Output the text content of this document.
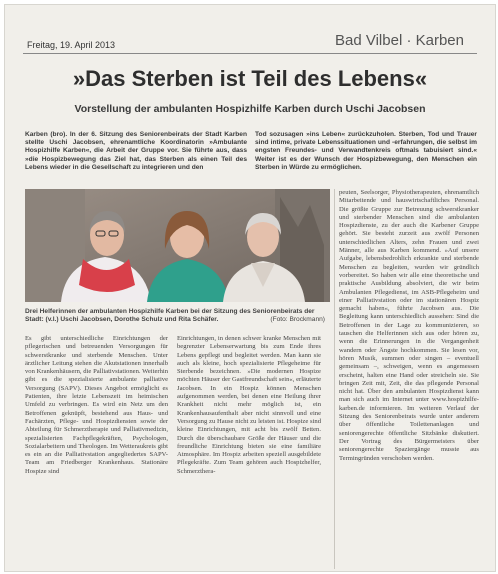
Freitag, 19. April 2013	Bad Vilbel · Karben
»Das Sterben ist Teil des Lebens«
Vorstellung der ambulanten Hospizhilfe Karben durch Uschi Jacobsen

Karben (bro). In der 6. Sitzung des Seniorenbeirats der Stadt Karben stellte Uschi Jacobsen, ehrenamtliche Koordinatorin »Ambulante Hospizhilfe Karben«, die Arbeit der Gruppe vor. Sie führte aus, dass »die Hospizbewegung das Ziel hat, das Sterben als einen Teil des Lebens wieder in die Gesellschaft zu integrieren und den

Tod sozusagen »ins Leben« zurückzuholen. Sterben, Tod und Trauer sind intime, private Lebenssituationen und -erfahrungen, die selbst im engsten Freundes- und Verwandtenkreis oftmals tabuisiert sind.« Weiter ist es der Wunsch der Hospizbewegung, den Menschen ein Sterben in Würde zu ermöglichen.

Drei Helferinnen der ambulanten Hospizhilfe Karben bei der Sitzung des Seniorenbeirats der Stadt: (v.l.) Uschi Jacobsen, Dorothe Schulz und Rita Schäfer.	(Foto: Brockmann)

Es gibt unterschiedliche Einrichtungen der pflegerischen und betreuenden Versorgungen für schwerstkranke und sterbende Menschen. Unter ärztlicher Leitung stehen die Akutstationen innerhalb von Krankenhäusern, die Palliativstationen. Weiterhin gibt es die spezialisierte ambulante palliative Versorgung (SAPV). Dieses Angebot ermöglicht es Patienten, ihre letzte Lebenszeit im heimischen Umfeld zu verbringen. Es wird ein Netz um den Betroffenen geknüpft, bestehend aus Haus- und Fachärzten, Pflege- und Hospizdiensten sowie der Abteilung für Schmerztherapie und Palliativmedizin, spezialisierten Fachpflegekräften, Psychologen, Sozialarbeitern und Theologen. Im Wetteraukreis gibt es ein an die Palliativstation angegliedertes SAPV-Team am Friedberger Krankenhaus. Stationäre Hospize sind

Einrichtungen, in denen schwer kranke Menschen mit begrenzter Lebenserwartung bis zum Ende ihres Lebens gepflegt und begleitet werden. Man kann sie auch als kleine, hoch spezialisierte Pflegeheime für Sterbende bezeichnen. »Die modernen Hospize möchten Häuser der Gastfreundschaft sein«, erläuterte Jacobsen. In ein Hospiz können Menschen aufgenommen werden, bei denen eine Heilung ihrer Krankheit nicht mehr möglich ist, ein Krankenhausaufenthalt aber nicht sinnvoll und eine Versorgung zu Hause nicht zu leisten ist. Hospize sind kleine Einrichtungen, mit acht bis zwölf Betten. Durch die überschaubare Größe der Häuser und die freundliche Einrichtung bieten sie eine familiäre Atmosphäre. Im Hospiz arbeiten speziell ausgebildete Pflegekräfte. Zum Team gehören auch Hospizhelfer, Schmerzthera-

peuten, Seelsorger, Physiotherapeuten, ehrenamtlich Mitarbeitende und hauswirtschaftliches Personal. Die größte Gruppe zur Betreuung schwerstkranker und sterbender Menschen sind die ambulanten Hospizdienste, zu der auch die Karbener Gruppe gehört. Sie besteht zurzeit aus zwölf Personen unterschiedlichen Alters, zehn Frauen und zwei Männer, alle aus Karben kommend. »Auf unsere Aufgabe, lebensbedrohlich erkrankte und sterbende Menschen zu begleiten, wurden wir gründlich vorbereitet. So haben wir alle eine theoretische und praktische Ausbildung absolviert, die wir beim Ambulanten Pflegedienst, im ASB-Pflegeheim und einer Palliativstation oder im stationären Hospiz gemacht haben«, führte Jacobsen aus. Die Begleitung kann unterschiedlich aussehen: Sind die Betroffenen in der Lage zu kommunizieren, so tauschen die Helferinnen sich aus oder hören zu, wenn die Erinnerungen in die Vergangenheit wandern oder Ängste hochkommen. Sie lesen vor, hören Musik, summen oder singen – eventuell gemeinsam –, schweigen, wenn es angemessen erscheint, halten eine Hand oder streicheln sie. Sie bringen Zeit mit, Zeit, die das pflegende Personal nicht hat. Über den ambulanten Hospizdienst kann man sich auch im Internet unter www.hospizhilfe-karben.de informieren. Im weiteren Verlauf der Sitzung des Seniorenbeirats wurde unter anderem über öffentliche Toilettenanlagen und seniorengerechte öffentliche Sitzbänke diskutiert. Der Vortrag des Bürgermeisters über seniorengerechte Spaziergänge musste aus Termingründen verschoben werden.
